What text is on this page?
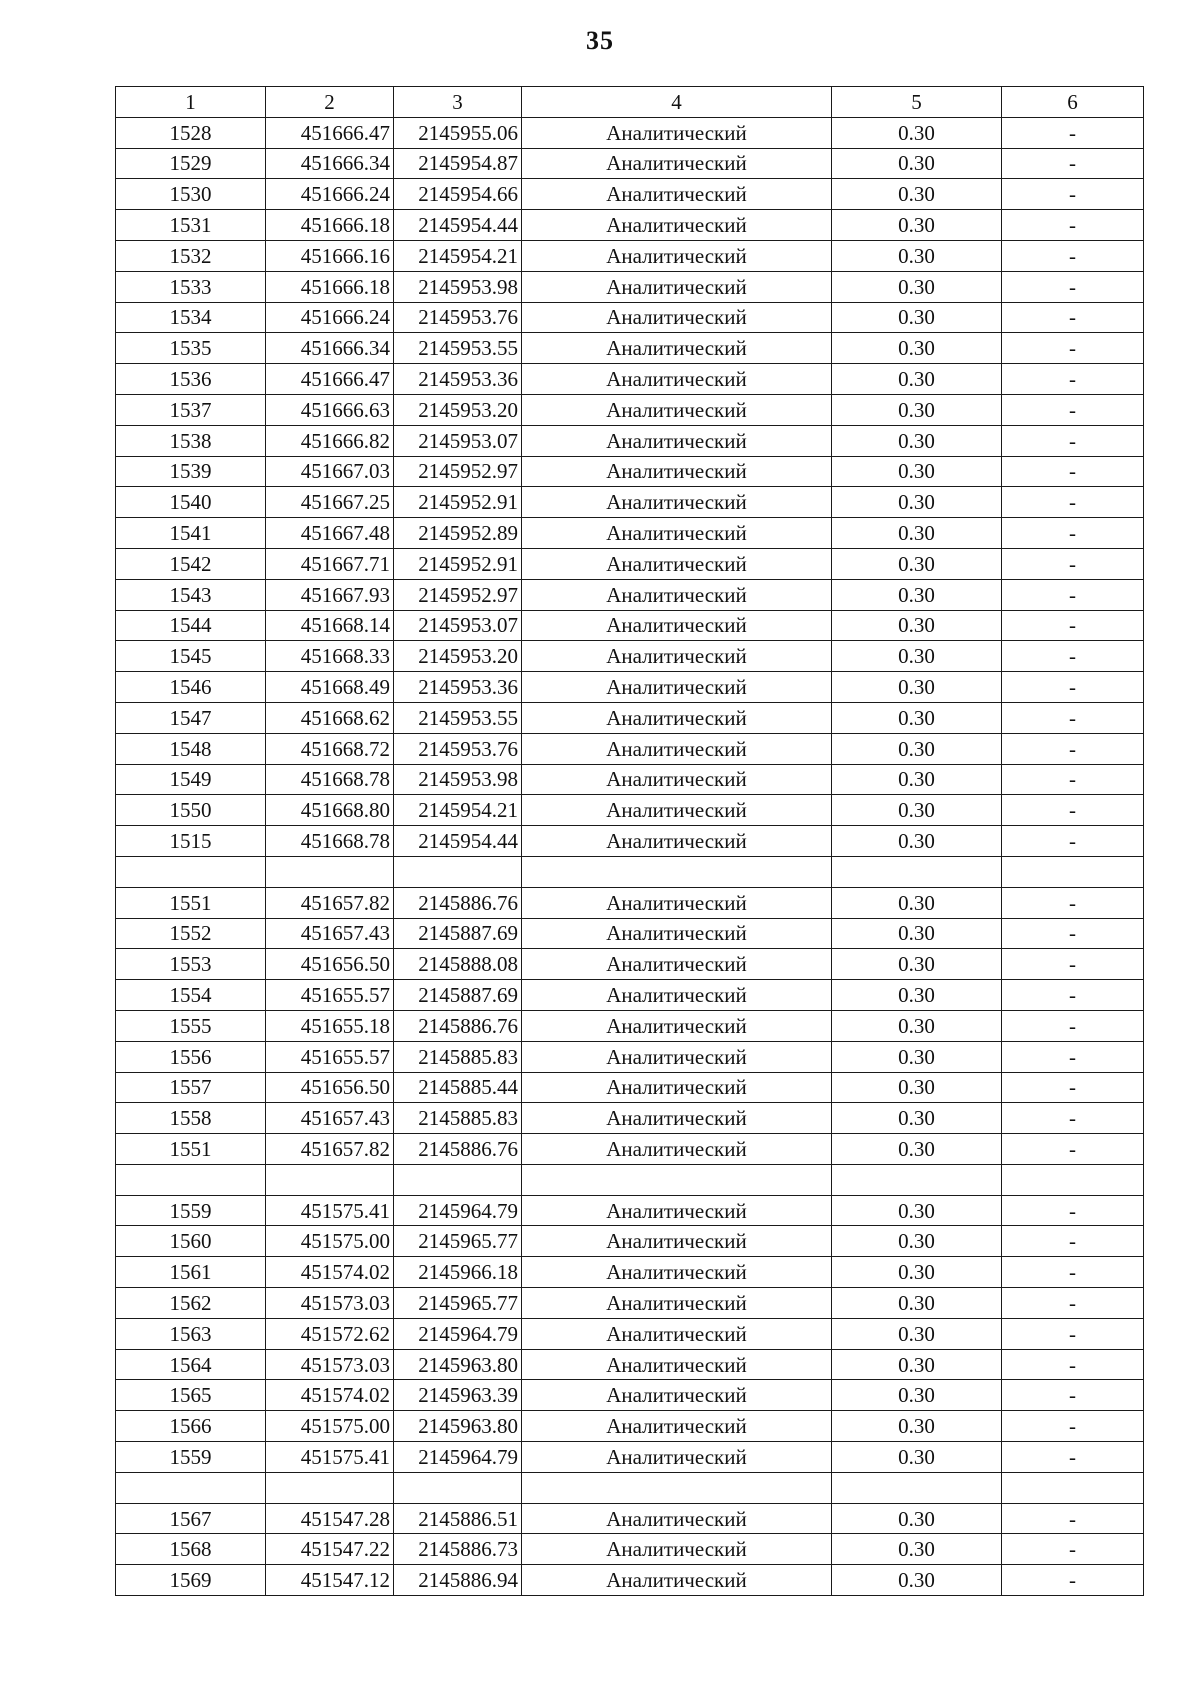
35
1	2	3	4	5	6
1528	451666.47	2145955.06	Аналитический	0.30	-
1529	451666.34	2145954.87	Аналитический	0.30	-
1530	451666.24	2145954.66	Аналитический	0.30	-
1531	451666.18	2145954.44	Аналитический	0.30	-
1532	451666.16	2145954.21	Аналитический	0.30	-
1533	451666.18	2145953.98	Аналитический	0.30	-
1534	451666.24	2145953.76	Аналитический	0.30	-
1535	451666.34	2145953.55	Аналитический	0.30	-
1536	451666.47	2145953.36	Аналитический	0.30	-
1537	451666.63	2145953.20	Аналитический	0.30	-
1538	451666.82	2145953.07	Аналитический	0.30	-
1539	451667.03	2145952.97	Аналитический	0.30	-
1540	451667.25	2145952.91	Аналитический	0.30	-
1541	451667.48	2145952.89	Аналитический	0.30	-
1542	451667.71	2145952.91	Аналитический	0.30	-
1543	451667.93	2145952.97	Аналитический	0.30	-
1544	451668.14	2145953.07	Аналитический	0.30	-
1545	451668.33	2145953.20	Аналитический	0.30	-
1546	451668.49	2145953.36	Аналитический	0.30	-
1547	451668.62	2145953.55	Аналитический	0.30	-
1548	451668.72	2145953.76	Аналитический	0.30	-
1549	451668.78	2145953.98	Аналитический	0.30	-
1550	451668.80	2145954.21	Аналитический	0.30	-
1515	451668.78	2145954.44	Аналитический	0.30	-

1551	451657.82	2145886.76	Аналитический	0.30	-
1552	451657.43	2145887.69	Аналитический	0.30	-
1553	451656.50	2145888.08	Аналитический	0.30	-
1554	451655.57	2145887.69	Аналитический	0.30	-
1555	451655.18	2145886.76	Аналитический	0.30	-
1556	451655.57	2145885.83	Аналитический	0.30	-
1557	451656.50	2145885.44	Аналитический	0.30	-
1558	451657.43	2145885.83	Аналитический	0.30	-
1551	451657.82	2145886.76	Аналитический	0.30	-

1559	451575.41	2145964.79	Аналитический	0.30	-
1560	451575.00	2145965.77	Аналитический	0.30	-
1561	451574.02	2145966.18	Аналитический	0.30	-
1562	451573.03	2145965.77	Аналитический	0.30	-
1563	451572.62	2145964.79	Аналитический	0.30	-
1564	451573.03	2145963.80	Аналитический	0.30	-
1565	451574.02	2145963.39	Аналитический	0.30	-
1566	451575.00	2145963.80	Аналитический	0.30	-
1559	451575.41	2145964.79	Аналитический	0.30	-

1567	451547.28	2145886.51	Аналитический	0.30	-
1568	451547.22	2145886.73	Аналитический	0.30	-
1569	451547.12	2145886.94	Аналитический	0.30	-
